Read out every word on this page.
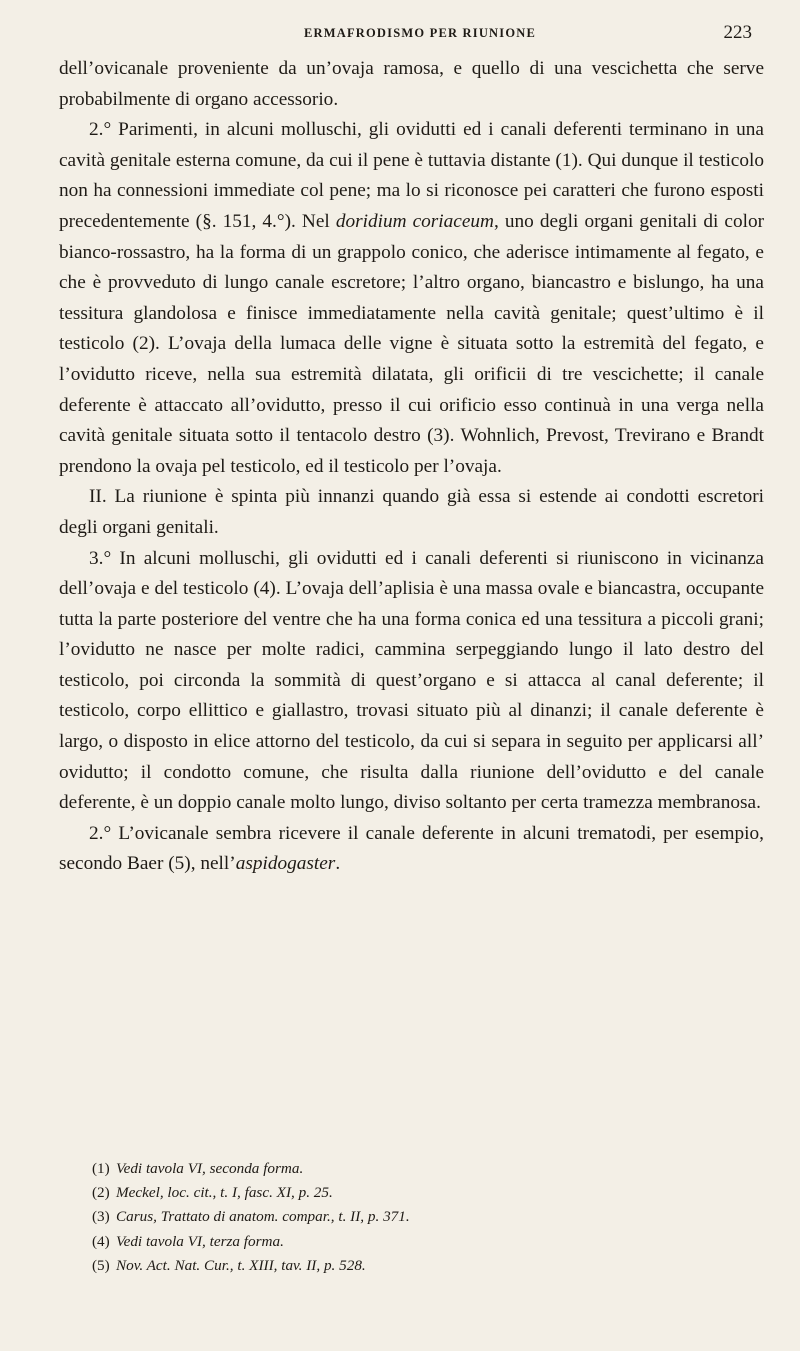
ERMAFRODISMO PER RIUNIONE	223

dell’ovicanale proveniente da un’ovaja ramosa, e quello di una vescichetta che serve probabilmente di organo accessorio.

2.° Parimenti, in alcuni molluschi, gli ovidutti ed i canali deferenti terminano in una cavità genitale esterna comune, da cui il pene è tuttavia distante (1). Qui dunque il testicolo non ha connessioni immediate col pene; ma lo si riconosce pei caratteri che furono esposti precedentemente (§. 151, 4.°). Nel doridium coriaceum, uno degli organi genitali di color bianco-rossastro, ha la forma di un grappolo conico, che aderisce intimamente al fegato, e che è provveduto di lungo canale escretore; l’altro organo, biancastro e bislungo, ha una tessitura glandolosa e finisce immediatamente nella cavità genitale; quest’ultimo è il testicolo (2). L’ovaja della lumaca delle vigne è situata sotto la estremità del fegato, e l’ovidutto riceve, nella sua estremità dilatata, gli orificii di tre vescichette; il canale deferente è attaccato all’ovidutto, presso il cui orificio esso continuà in una verga nella cavità genitale situata sotto il tentacolo destro (3). Wohnlich, Prevost, Trevirano e Brandt prendono la ovaja pel testicolo, ed il testicolo per l’ovaja.

II. La riunione è spinta più innanzi quando già essa si estende ai condotti escretori degli organi genitali.

3.° In alcuni molluschi, gli ovidutti ed i canali deferenti si riuniscono in vicinanza dell’ovaja e del testicolo (4). L’ovaja dell’aplisia è una massa ovale e biancastra, occupante tutta la parte posteriore del ventre che ha una forma conica ed una tessitura a piccoli grani; l’ovidutto ne nasce per molte radici, cammina serpeggiando lungo il lato destro del testicolo, poi circonda la sommità di quest’organo e si attacca al canal deferente; il testicolo, corpo ellittico e giallastro, trovasi situato più al dinanzi; il canale deferente è largo, o disposto in elice attorno del testicolo, da cui si separa in seguito per applicarsi all’ ovidutto; il condotto comune, che risulta dalla riunione dell’ovidutto e del canale deferente, è un doppio canale molto lungo, diviso soltanto per certa tramezza membranosa.

2.° L’ovicanale sembra ricevere il canale deferente in alcuni trematodi, per esempio, secondo Baer (5), nell’aspidogaster.

(1) Vedi tavola VI, seconda forma.
(2) Meckel, loc. cit., t. I, fasc. XI, p. 25.
(3) Carus, Trattato di anatom. compar., t. II, p. 371.
(4) Vedi tavola VI, terza forma.
(5) Nov. Act. Nat. Cur., t. XIII, tav. II, p. 528.
